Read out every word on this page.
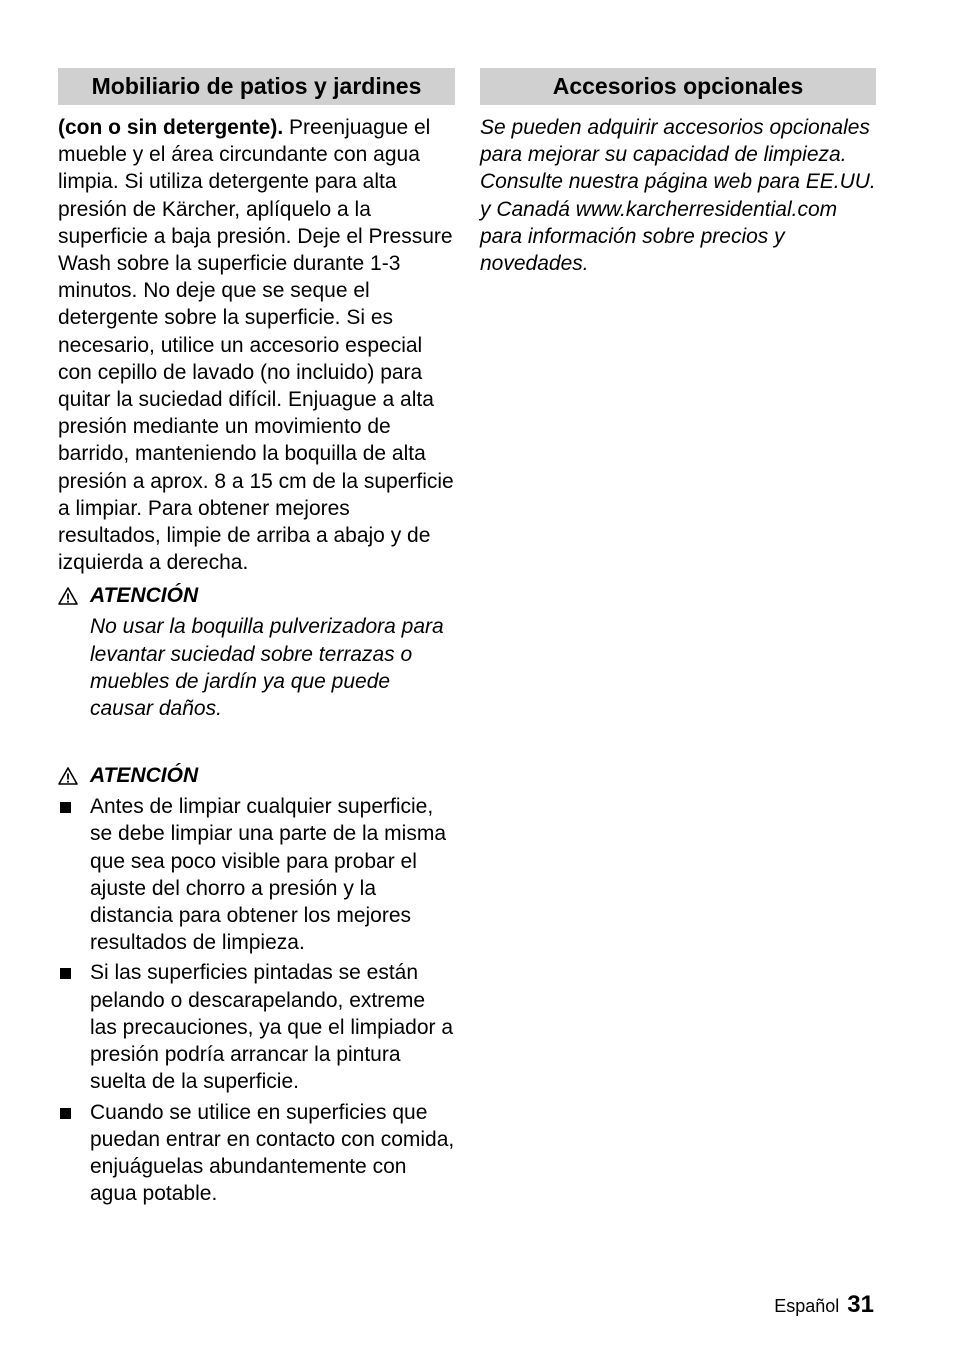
Mobiliario de patios y jardines

(con o sin detergente). Preenjuague el mueble y el área circundante con agua limpia. Si utiliza detergente para alta presión de Kärcher, aplíquelo a la superficie a baja presión. Deje el Pressure Wash sobre la superficie durante 1-3 minutos. No deje que se seque el detergente sobre la superficie. Si es necesario, utilice un accesorio especial con cepillo de lavado (no incluido) para quitar la suciedad difícil. Enjuague a alta presión mediante un movimiento de barrido, manteniendo la boquilla de alta presión a aprox. 8 a 15 cm de la superficie a limpiar. Para obtener mejores resultados, limpie de arriba a abajo y de izquierda a derecha.

ATENCIÓN
No usar la boquilla pulverizadora para levantar suciedad sobre terrazas o muebles de jardín ya que puede causar daños.
ATENCIÓN
Antes de limpiar cualquier superficie, se debe limpiar una parte de la misma que sea poco visible para probar el ajuste del chorro a presión y la distancia para obtener los mejores resultados de limpieza.
Si las superficies pintadas se están pelando o descarapelando, extreme las precauciones, ya que el limpiador a presión podría arrancar la pintura suelta de la superficie.
Cuando se utilice en superficies que puedan entrar en contacto con comida, enjuáguelas abundantemente con agua potable.
Accesorios opcionales

Se pueden adquirir accesorios opcionales para mejorar su capacidad de limpieza. Consulte nuestra página web para EE.UU. y Canadá www.karcherresidential.com para información sobre precios y novedades.

Español 31
